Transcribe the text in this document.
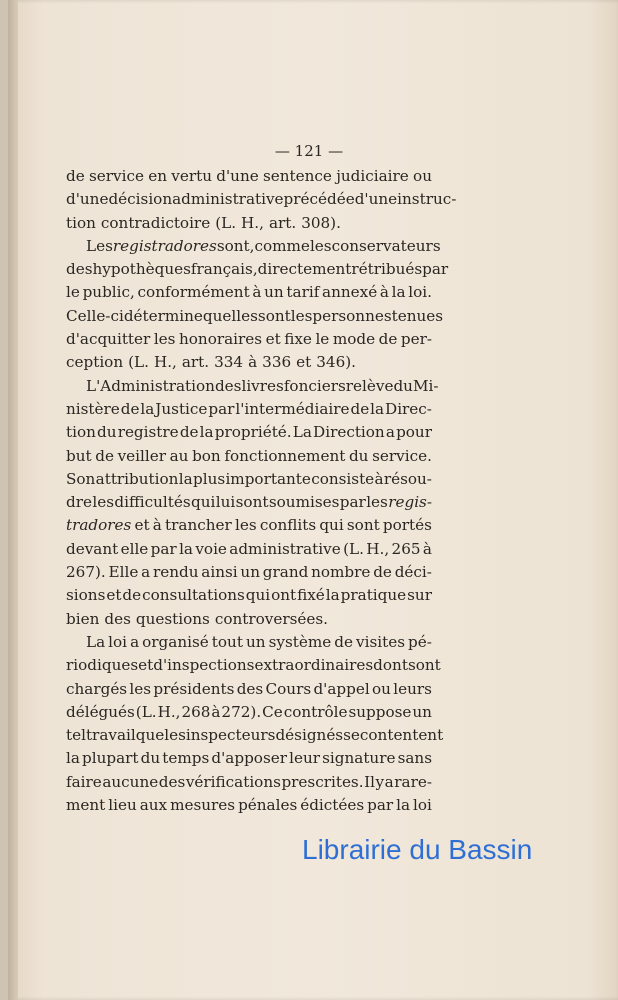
— 121 —
de service en vertu d'une sentence judiciaire ou
d'une décision administrative précédée d'une instruc-
tion contradictoire (L. H., art. 308).
Les registradores sont, comme les conservateurs
des hypothèques français, directement rétribués par
le public, conformément à un tarif annexé à la loi.
Celle-ci détermine quelles sont les personnes tenues
d'acquitter les honoraires et fixe le mode de per-
ception (L. H., art. 334 à 336 et 346).
L'Administration des livres fonciers relève du Mi-
nistère de la Justice par l'intermédiaire de la Direc-
tion du registre de la propriété. La Direction a pour
but de veiller au bon fonctionnement du service.
Son attribution la plus importante consiste à résou-
dre les difficultés qui lui sont soumises par les regis-
tradores et à trancher les conflits qui sont portés
devant elle par la voie administrative (L. H., 265 à
267). Elle a rendu ainsi un grand nombre de déci-
sions et de consultations qui ont fixé la pratique sur
bien des questions controversées.
La loi a organisé tout un système de visites pé-
riodiques et d'inspections extraordinaires dont sont
chargés les présidents des Cours d'appel ou leurs
délégués (L. H., 268 à 272). Ce contrôle suppose un
tel travail que les inspecteurs désignés se contentent
la plupart du temps d'apposer leur signature sans
faire aucune des vérifications prescrites. Il y a rare-
ment lieu aux mesures pénales édictées par la loi
Librairie du Bassin
